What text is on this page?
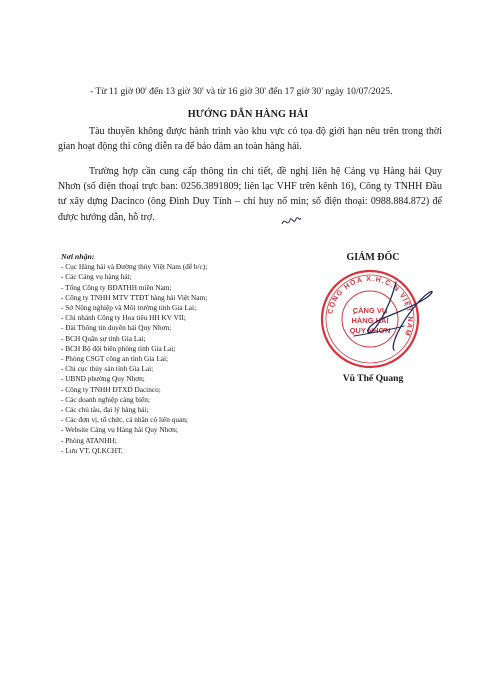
- Từ 11 giờ 00' đến 13 giờ 30' và từ 16 giờ 30' đến 17 giờ 30' ngày 10/07/2025.
HƯỚNG DẪN HÀNG HẢI
Tàu thuyền không được hành trình vào khu vực có tọa độ giới hạn nêu trên trong thời gian hoạt động thi công diễn ra để bảo đảm an toàn hàng hải.
Trường hợp cần cung cấp thông tin chi tiết, đề nghị liên hệ Cảng vụ Hàng hải Quy Nhơn (số điện thoại trực ban: 0256.3891809; liên lạc VHF trên kênh 16), Công ty TNHH Đầu tư xây dựng Dacinco (ông Đinh Duy Tính – chỉ huy nổ mìn; số điện thoại: 0988.884.872) để được hướng dẫn, hỗ trợ.
Nơi nhận:
- Cục Hàng hải và Đường thủy Việt Nam (để b/c);
- Các Cảng vụ hàng hải;
- Tổng Công ty BĐATHH miền Nam;
- Công ty TNHH MTV TTĐT hàng hải Việt Nam;
- Sở Nông nghiệp và Môi trường tỉnh Gia Lai;
- Chi nhánh Công ty Hoa tiêu HH KV VII;
- Đài Thông tin duyên hải Quy Nhơn;
- BCH Quân sự tỉnh Gia Lai;
- BCH Bộ đội biên phòng tỉnh Gia Lai;
- Phòng CSGT công an tỉnh Gia Lai;
- Chi cục thủy sản tỉnh Gia Lai;
- UBND phường Quy Nhơn;
- Công ty TNHH ĐTXD Dacinco;
- Các doanh nghiệp cảng biển;
- Các chủ tàu, đại lý hàng hải;
- Các đơn vị, tổ chức, cá nhân có liên quan;
- Website Cảng vụ Hàng hải Quy Nhơn;
- Phòng ATANHH;
- Lưu VT, QLKCHT.
GIÁM ĐỐC
CỘNG HÒA X.H.C.N VIỆT NAM
CẢNG VỤ
HÀNG HẢI
QUY NHƠN
Vũ Thế Quang
